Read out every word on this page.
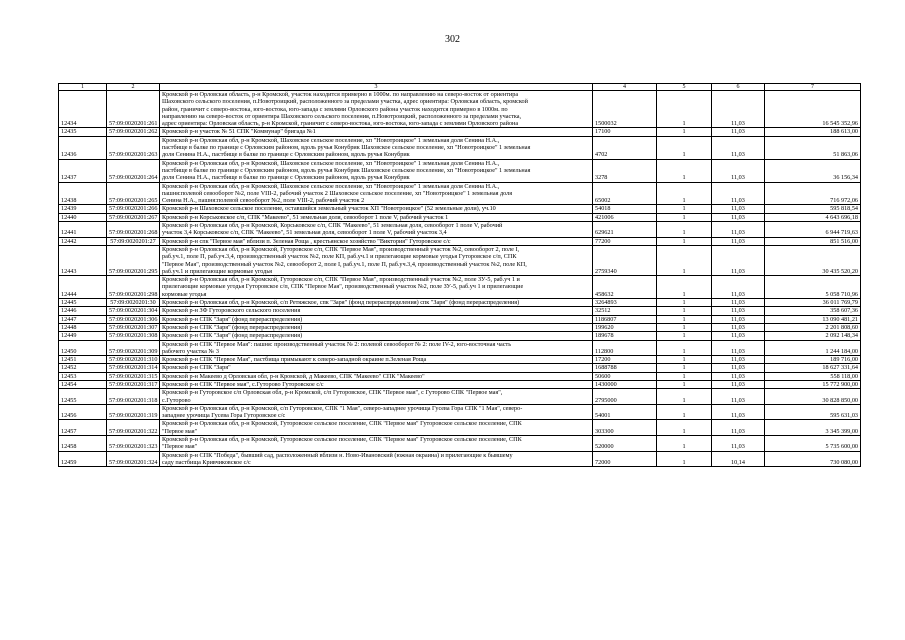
302
1	2	3	4	5	6	7
12434	57:09:0020201:261	Кромской р-н Орловская область, р-н Кромской, участок находится примерно в 1000м. по направлению на северо-восток от ориентира
Шаховского сельского поселения, п.Новотроицкий, расположенного за пределами участка, адрес ориентира: Орловская область, кромской
район, граничит с северо-востока, юго-востока, юго-запада с землями Орловского района участок находится примерно в 1000м. по
направлению на северо-восток от ориентира Шаховского сельского поселения, п.Новотроицкий, расположенного за пределами участка,
адрес ориентира: Орловская область, р-н Кромской, граничит с северо-востока, юго-востока, юго-запада с землями Орловского района	1500032	1	11,03	16 545 352,96
12435	57:09:0020201:262	Кромской р-н участок № 51 СПК "Коммунар" бригада №1	17100	1	11,03	188 613,00
12436	57:09:0020201:263	Кромской р-н Орловская обл, р-н Кромской, Шаховское сельское поселение, хп "Новотроицкое" 1 земельная доля Сенина Н.А.,
пастбище в балке по границе с Орловским районом, вдоль ручья Конубрик Шаховское сельское поселение, хп "Новотроицкое" 1 земельная
доля Сенина Н.А., пастбище в балке по границе с Орловским районом, вдоль ручья Конубрик	4702	1	11,03	51 863,06
12437	57:09:0020201:264	Кромской р-н Орловская обл, р-н Кромской, Шаховское сельское поселение, хп "Новотроицкое" 1 земельная доля Сенина Н.А.,
пастбище в балке по границе с Орловским районом, вдоль ручья Конубрик Шаховское сельское поселение, хп "Новотроицкое" 1 земельная
доля Сенина Н.А., пастбище в балке по границе с Орловским районом, вдоль ручья Конубрик	3278	1	11,03	36 156,34
12438	57:09:0020201:265	Кромской р-н Орловская обл, р-н Кромской, Шаховское сельское поселение, хп "Новотроицкое" 1 земельная доля Сенина Н.А.,
пашня:полевой севооборот №2, поле VIII-2, рабочий участок 2 Шаховское сельское поселение, хп "Новотроицкое" 1 земельная доля
Сенина Н.А., пашня:полевой севооборот №2, поле VIII-2, рабочий участок 2	65002	1	11,03	716 972,06
12439	57:09:0020201:266	Кромской р-н Шаховское сельское поселение, оставшийся земельный участок ХП "Новотроицкое" (52 земельные доли), уч.10	54018	1	11,03	595 818,54
12440	57:09:0020201:267	Кромской р-н Корськовское с/п, СПК "Макеево", 51 земельная доля, севооборот 1 поле V, рабочий участок 1	421006	1	11,03	4 643 696,18
12441	57:09:0020201:268	Кромской р-н Орловская обл, р-н Кромской, Корськовское с/п, СПК "Макеево", 51 земельная доля, севооборот 1 поле V, рабочий
участок 3,4 Корськовское с/п, СПК "Макеево", 51 земельная доля, севооборот 1 поле V, рабочий участок 3,4	629621	1	11,03	6 944 719,63
12442	57:09:0020201:27	Кромской р-н спк "Первое мая" вблизи п. Зеленая Роща , крестьянское хозяйство "Виктория" Гуторовское с/с	77200	1	11,03	851 516,00
12443	57:09:0020201:295	Кромской р-н Орловская обл, р-н Кромской, Гуторовское с/п, СПК "Первое Мая", производственный участок №2, севооборот 2, поле I,
раб.уч.1, поле П, раб.уч.3,4, производственный участок №2, поле КП, раб.уч.1 и прилегающие кормовые угодья Гуторовское с/п, СПК
"Первое Мая", производственный участок №2, севооборот 2, поле I, раб.уч.1, поле П, раб.уч.3,4, производственный участок №2, поле КП,
раб.уч.1 и прилегающие кормовые угодья	2759340	1	11,03	30 435 520,20
12444	57:09:0020201:298	Кромской р-н Орловская обл, р-н Кромской, Гуторовское с/п, СПК "Первое Мая", производственный участок №2, поле ЗУ-5, раб.уч 1 и
прилегающие кормовые угодья Гуторовское с/п, СПК "Первое Мая", производственный участок №2, поле ЗУ-5, раб.уч 1 и прилегающие
кормовые угодья	458632	1	11,03	5 058 710,96
12445	57:09:0020201:30	Кромской р-н Орловская обл, р-н Кромской, с/п Ретяжское, спк "Заря" (фонд перераспределения) спк "Заря" (фонд перераспределения)	3264893	1	11,03	36 011 769,79
12446	57:09:0020201:304	Кромской р-н ЗФ Гуторовского сельского поселения	32512	1	11,03	358 607,36
12447	57:09:0020201:306	Кромской р-н СПК "Заря" (фонд перераспределения)	1186807	1	11,03	13 090 481,21
12448	57:09:0020201:307	Кромской р-н СПК "Заря" (фонд перераспределения)	199620	1	11,03	2 201 808,60
12449	57:09:0020201:308	Кромской р-н СПК "Заря" (фонд перераспределения)	189678	1	11,03	2 092 148,34
12450	57:09:0020201:309	Кромской р-н СПК "Первое Мая": пашня: производственный участок № 2: полевой севооборот № 2: поле IV-2, юго-восточная часть
рабочего участка № 3	112800	1	11,03	1 244 184,00
12451	57:09:0020201:310	Кромской р-н СПК "Первое Мая", пастбища примыкают к северо-западной окраине п.Зеленая Роща	17200	1	11,03	189 716,00
12452	57:09:0020201:314	Кромской р-н СПК "Заря"	1688788	1	11,03	18 627 331,64
12453	57:09:0020201:315	Кромской р-н Макеево д Орловская обл, р-н Кромской, д Макеево, СПК "Макеево" СПК "Макеево"	50600	1	11,03	558 118,00
12454	57:09:0020201:317	Кромской р-н СПК "Первое мая", с.Гуторово Гуторовское с/с	1430000	1	11,03	15 772 900,00
12455	57:09:0020201:318	Кромской р-н Гуторовское с/п Орловская обл, р-н Кромской, с/п Гуторовское, СПК "Первое мая", с Гуторово СПК "Первое мая",
с.Гуторово	2795000	1	11,03	30 828 850,00
12456	57:09:0020201:319	Кромской р-н Орловская обл, р-н Кромской, с/п Гуторовское, СПК "1 Мая", северо-западнее урочища Гусева Гора СПК "1 Мая", северо-
западнее урочища Гусева Гора Гуторовское с/с	54001	1	11,03	595 631,03
12457	57:09:0020201:322	Кромской р-н Орловская обл, р-н Кромской, Гуторовское сельское поселение, СПК "Первое мая" Гуторовское сельское поселение, СПК
"Первое мая"	303300	1	11,03	3 345 399,00
12458	57:09:0020201:323	Кромской р-н Орловская обл, р-н Кромской, Гуторовское сельское поселение, СПК "Первое мая" Гуторовское сельское поселение, СПК
"Первое мая"	520000	1	11,03	5 735 600,00
12459	57:09:0020201:324	Кромской р-н СПК "Победа", бывший сад, расположенный вблизи н. Ново-Ивановский (южная окраина) и прилегающие к бывшему
саду пастбища Кривчиковское с/с	72000	1	10,14	730 080,00
